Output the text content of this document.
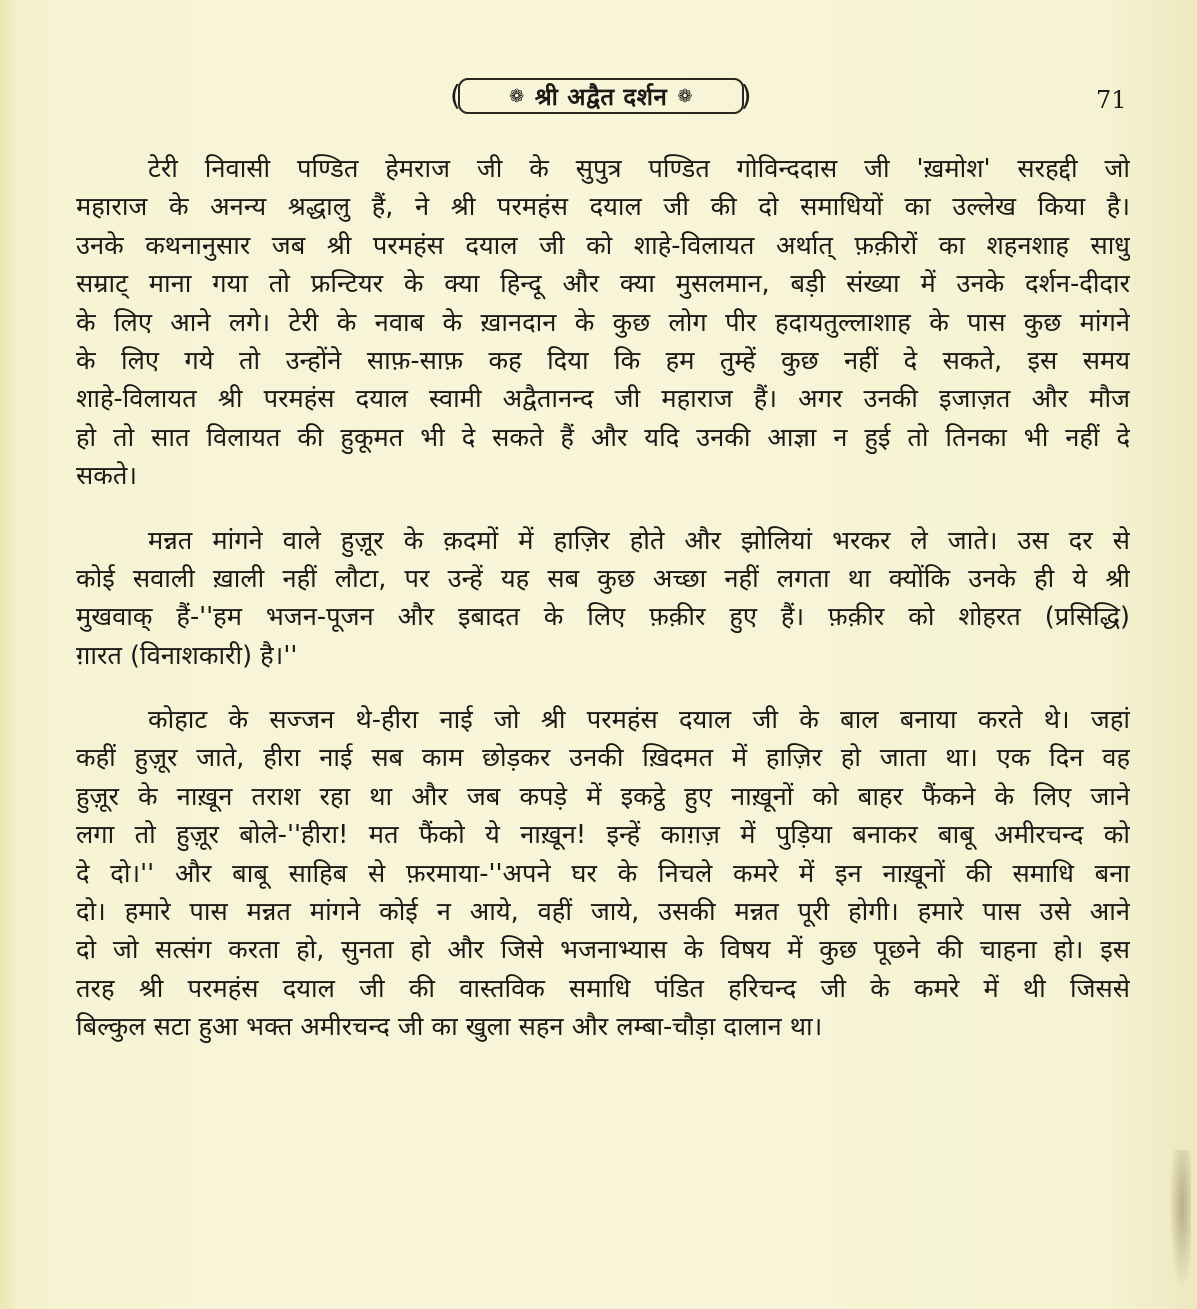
(	❁ श्री अद्वैत दर्शन ❁ )	71
टेरी निवासी पण्डित हेमराज जी के सुपुत्र पण्डित गोविन्ददास जी 'ख़मोश' सरहद्दी जो
महाराज के अनन्य श्रद्धालु हैं, ने श्री परमहंस दयाल जी की दो समाधियों का उल्लेख किया है।
उनके कथनानुसार जब श्री परमहंस दयाल जी को शाहे-विलायत अर्थात् फ़क़ीरों का शहनशाह साधु
सम्राट् माना गया तो फ्रन्टियर के क्या हिन्दू और क्या मुसलमान, बड़ी संख्या में उनके दर्शन-दीदार
के लिए आने लगे। टेरी के नवाब के ख़ानदान के कुछ लोग पीर हदायतुल्लाशाह के पास कुछ मांगने
के लिए गये तो उन्होंने साफ़-साफ़ कह दिया कि हम तुम्हें कुछ नहीं दे सकते, इस समय
शाहे-विलायत श्री परमहंस दयाल स्वामी अद्वैतानन्द जी महाराज हैं। अगर उनकी इजाज़त और मौज
हो तो सात विलायत की हुकूमत भी दे सकते हैं और यदि उनकी आज्ञा न हुई तो तिनका भी नहीं दे
सकते।
मन्नत मांगने वाले हुज़ूर के क़दमों में हाज़िर होते और झोलियां भरकर ले जाते। उस दर से
कोई सवाली ख़ाली नहीं लौटा, पर उन्हें यह सब कुछ अच्छा नहीं लगता था क्योंकि उनके ही ये श्री
मुखवाक् हैं-''हम भजन-पूजन और इबादत के लिए फ़क़ीर हुए हैं। फ़क़ीर को शोहरत (प्रसिद्धि)
ग़ारत (विनाशकारी) है।''
कोहाट के सज्जन थे-हीरा नाई जो श्री परमहंस दयाल जी के बाल बनाया करते थे। जहां
कहीं हुज़ूर जाते, हीरा नाई सब काम छोड़कर उनकी ख़िदमत में हाज़िर हो जाता था। एक दिन वह
हुज़ूर के नाख़ून तराश रहा था और जब कपड़े में इकट्ठे हुए नाख़ूनों को बाहर फैंकने के लिए जाने
लगा तो हुज़ूर बोले-''हीरा! मत फैंको ये नाख़ून! इन्हें काग़ज़ में पुड़िया बनाकर बाबू अमीरचन्द को
दे दो।'' और बाबू साहिब से फ़रमाया-''अपने घर के निचले कमरे में इन नाख़ूनों की समाधि बना
दो। हमारे पास मन्नत मांगने कोई न आये, वहीं जाये, उसकी मन्नत पूरी होगी। हमारे पास उसे आने
दो जो सत्संग करता हो, सुनता हो और जिसे भजनाभ्यास के विषय में कुछ पूछने की चाहना हो। इस
तरह श्री परमहंस दयाल जी की वास्तविक समाधि पंडित हरिचन्द जी के कमरे में थी जिससे
बिल्कुल सटा हुआ भक्त अमीरचन्द जी का खुला सहन और लम्बा-चौड़ा दालान था।
